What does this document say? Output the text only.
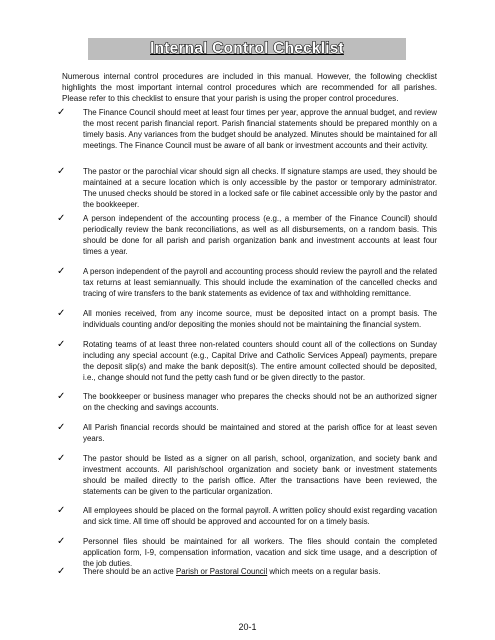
Internal Control Checklist

Numerous internal control procedures are included in this manual. However, the following checklist highlights the most important internal control procedures which are recommended for all parishes. Please refer to this checklist to ensure that your parish is using the proper control procedures.

✓ The Finance Council should meet at least four times per year, approve the annual budget, and review the most recent parish financial report. Parish financial statements should be prepared monthly on a timely basis. Any variances from the budget should be analyzed. Minutes should be maintained for all meetings. The Finance Council must be aware of all bank or investment accounts and their activity.
✓ The pastor or the parochial vicar should sign all checks. If signature stamps are used, they should be maintained at a secure location which is only accessible by the pastor or temporary administrator. The unused checks should be stored in a locked safe or file cabinet accessible only by the pastor and the bookkeeper.
✓ A person independent of the accounting process (e.g., a member of the Finance Council) should periodically review the bank reconciliations, as well as all disbursements, on a random basis. This should be done for all parish and parish organization bank and investment accounts at least four times a year.
✓ A person independent of the payroll and accounting process should review the payroll and the related tax returns at least semiannually. This should include the examination of the cancelled checks and tracing of wire transfers to the bank statements as evidence of tax and withholding remittance.
✓ All monies received, from any income source, must be deposited intact on a prompt basis. The individuals counting and/or depositing the monies should not be maintaining the financial system.
✓ Rotating teams of at least three non-related counters should count all of the collections on Sunday including any special account (e.g., Capital Drive and Catholic Services Appeal) payments, prepare the deposit slip(s) and make the bank deposit(s). The entire amount collected should be deposited, i.e., change should not fund the petty cash fund or be given directly to the pastor.
✓ The bookkeeper or business manager who prepares the checks should not be an authorized signer on the checking and savings accounts.
✓ All Parish financial records should be maintained and stored at the parish office for at least seven years.
✓ The pastor should be listed as a signer on all parish, school, organization, and society bank and investment accounts. All parish/school organization and society bank or investment statements should be mailed directly to the parish office. After the transactions have been reviewed, the statements can be given to the particular organization.
✓ All employees should be placed on the formal payroll. A written policy should exist regarding vacation and sick time. All time off should be approved and accounted for on a timely basis.
✓ Personnel files should be maintained for all workers. The files should contain the completed application form, I-9, compensation information, vacation and sick time usage, and a description of the job duties.
✓ There should be an active Parish or Pastoral Council which meets on a regular basis.
20-1
